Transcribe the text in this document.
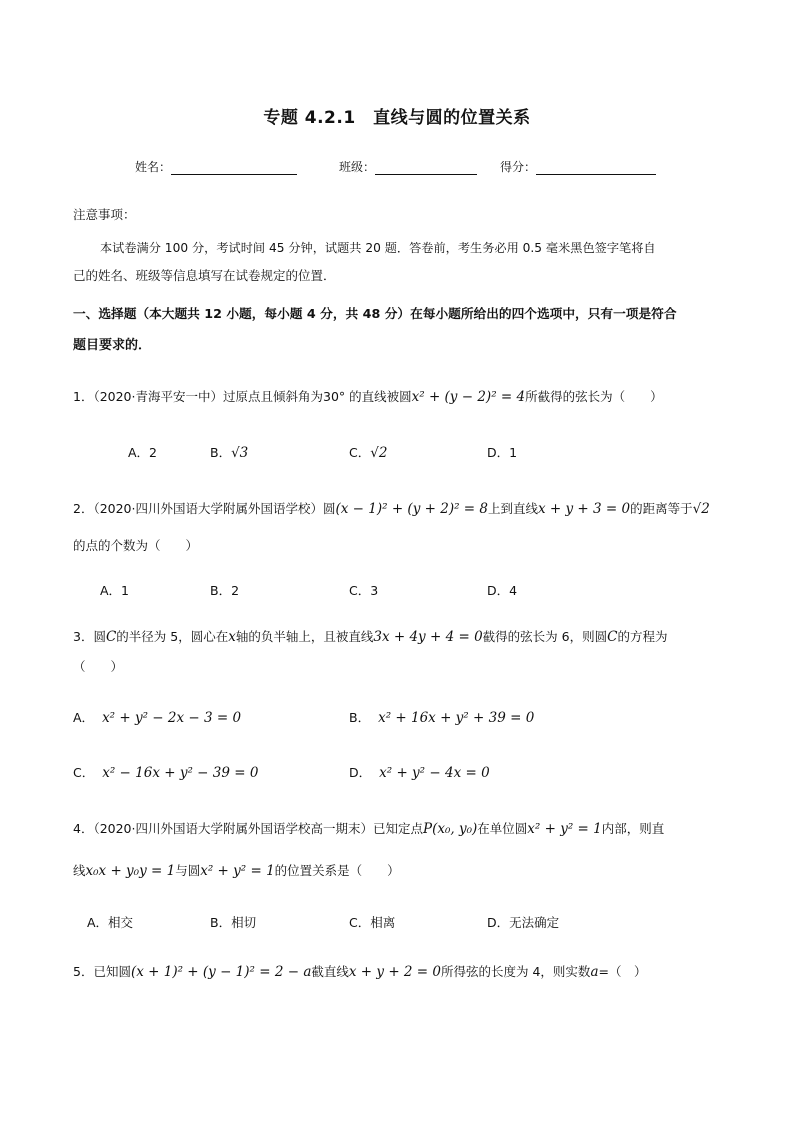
专题 4.2.1　直线与圆的位置关系
姓名：	班级：	得分：
注意事项：
本试卷满分 100 分，考试时间 45 分钟，试题共 20 题．答卷前，考生务必用 0.5 毫米黑色签字笔将自
己的姓名、班级等信息填写在试卷规定的位置．
一、选择题（本大题共 12 小题，每小题 4 分，共 48 分）在每小题所给出的四个选项中，只有一项是符合
题目要求的．
1．（2020·青海平安一中）过原点且倾斜角为30° 的直线被圆x² + (y − 2)² = 4所截得的弦长为（　　）
A．2	B．√3	C．√2	D．1
2．（2020·四川外国语大学附属外国语学校）圆(x − 1)² + (y + 2)² = 8上到直线x + y + 3 = 0的距离等于√2
的点的个数为（　　）
A．1	B．2	C．3	D．4
3．圆C的半径为 5，圆心在x轴的负半轴上，且被直线3x + 4y + 4 = 0截得的弦长为 6，则圆C的方程为
（　　）
A． x² + y² − 2x − 3 = 0	B． x² + 16x + y² + 39 = 0
C． x² − 16x + y² − 39 = 0	D． x² + y² − 4x = 0
4．（2020·四川外国语大学附属外国语学校高一期末）已知定点P(x₀, y₀)在单位圆x² + y² = 1内部，则直
线x₀x + y₀y = 1与圆x² + y² = 1的位置关系是（　　）
A．相交	B．相切	C．相离	D．无法确定
5．已知圆(x + 1)² + (y − 1)² = 2 − a截直线x + y + 2 = 0所得弦的长度为 4，则实数a=（　）
